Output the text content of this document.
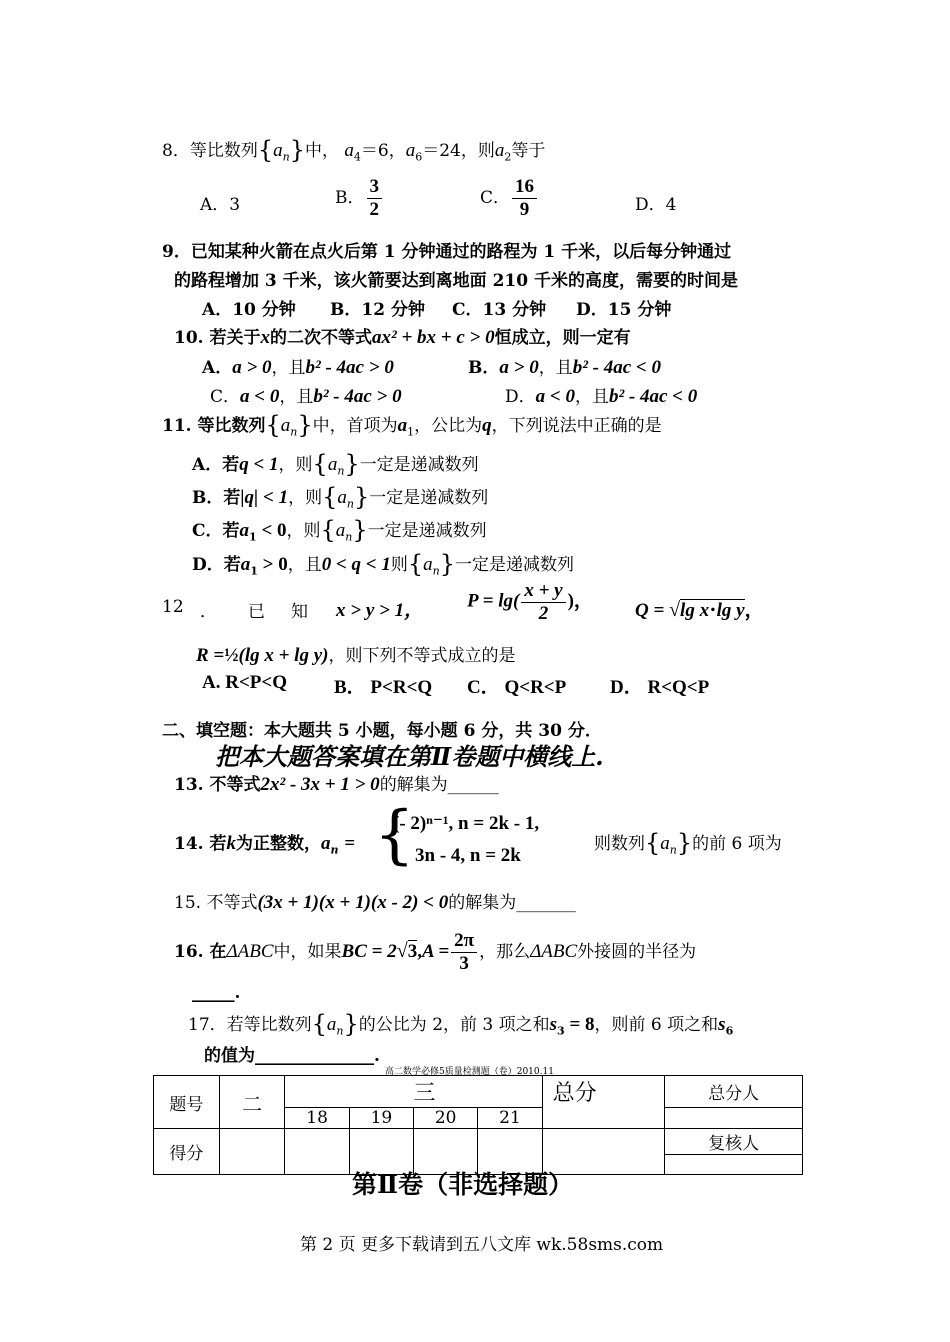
8．等比数列$\{a_n\}$中， $a_4=6$，$a_6=24$，则$a_2$等于
A．3	B． $\frac{3}{2}$	C． $\frac{16}{9}$	D．4
9．已知某种火箭在点火后第 1 分钟通过的路程为 1 千米，以后每分钟通过
的路程增加 3 千米，该火箭要达到离地面 210 千米的高度，需要的时间是
A．10 分钟 B．12 分钟 C．13 分钟 D．15 分钟
10. 若关于x的二次不等式ax² + bx + c > 0恒成立，则一定有
A．a > 0，且b² - 4ac > 0	B．a > 0，且b² - 4ac < 0
C．a < 0，且b² - 4ac > 0	D．a < 0，且b² - 4ac < 0
11. 等比数列$\{a_n\}$中，首项为$a_1$，公比为q，下列说法中正确的是
A．若q < 1，则$\{a_n\}$一定是递减数列
B．若|q| < 1，则$\{a_n\}$一定是递减数列
C．若$a_1 < 0$，则$\{a_n\}$一定是递减数列
D．若$a_1 > 0$，且0 < q < 1则$\{a_n\}$一定是递减数列
12 ． 已 知 x > y > 1， $P = \lg( \frac{x + y}{2}$ )， Q = √lg x⋅lg y，
R =½(lg x + lg y)，则下列不等式成立的是
A. R<P<Q B． P<R<Q C． Q<R<P D． R<Q<P
二、填空题：本大题共 5 小题，每小题 6 分，共 30 分．
把本大题答案填在第Ⅱ卷题中横线上.
13. 不等式2x² - 3x + 1 > 0的解集为______
14. 若k为正整数，$a_n$ = {
(- 2)ⁿ⁻¹, n = 2k - 1,
3n - 4, n = 2k
则数列$\{a_n\}$的前 6 项为
15. 不等式(3x + 1)(x + 1)(x - 2) < 0的解集为_______
16. 在ΔABC中，如果BC = $2√3,A = \frac{2\pi}{3}$ ，那么ΔABC外接圆的半径为
_____.
17．若等比数列$\{a_n\}$的公比为 2，前 3 项之和$s_3 = 8$，则前 6 项之和$s_6$
的值为______________.
高二数学必修5质量检测题（卷）2010.11
题号	二	三				总分	总分人
		18	19	20	21		
得分							复核人

第Ⅱ卷（非选择题）
第 2 页 更多下载请到五八文库 wk.58sms.com
